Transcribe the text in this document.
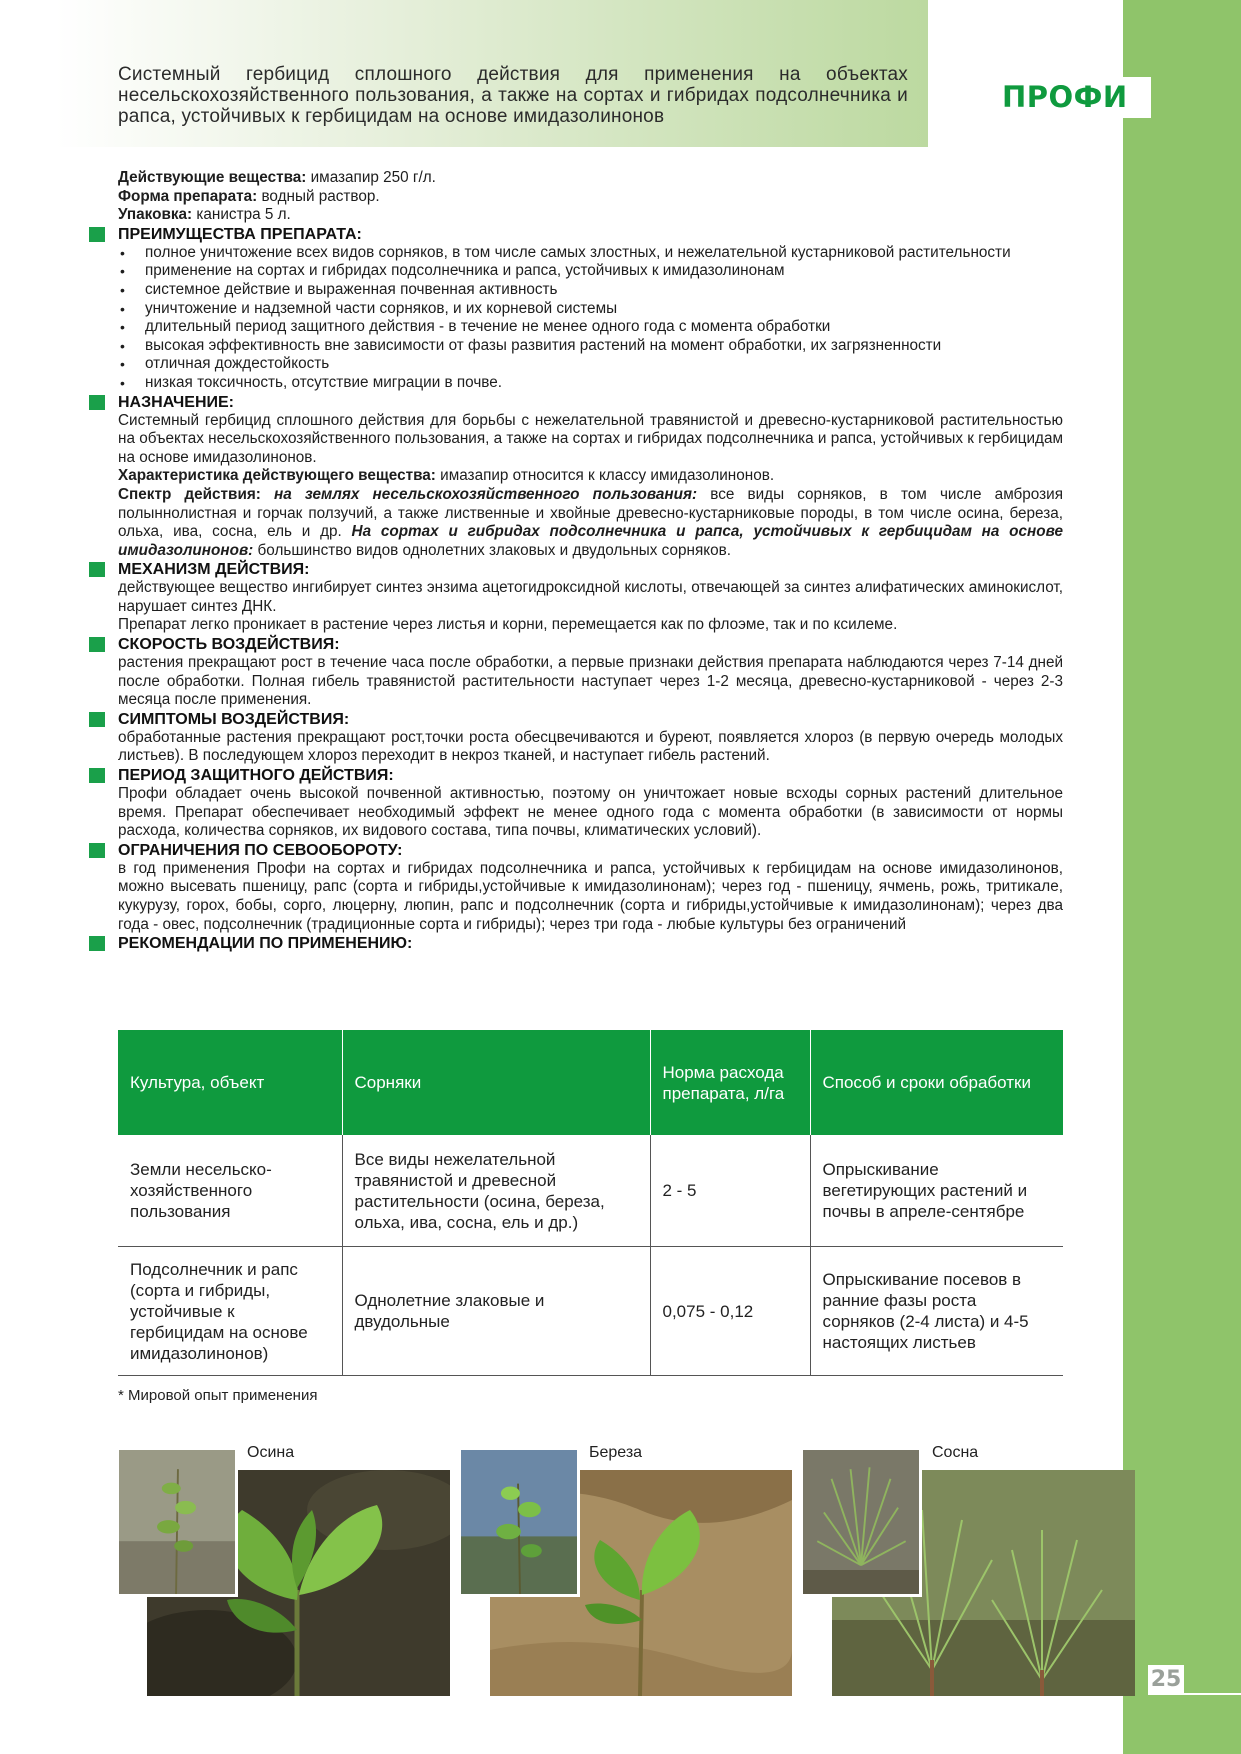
Системный гербицид сплошного действия для применения на объектах несельскохозяйственного пользования, а также на сортах и гибридах подсолнечника и рапса, устойчивых к гербицидам на основе имидазолинонов
ПРОФИ

Действующие вещества: имазапир 250 г/л.

Форма препарата: водный раствор.

Упаковка: канистра 5 л.

ПРЕИМУЩЕСТВА ПРЕПАРАТА:
• полное уничтожение всех видов сорняков, в том числе самых злостных, и нежелательной кустарниковой растительности
• применение на сортах и гибридах подсолнечника и рапса, устойчивых к имидазолинонам
• системное действие и выраженная почвенная активность
• уничтожение и надземной части сорняков, и их корневой системы
• длительный период защитного действия - в течение не менее одного года с момента обработки
• высокая эффективность вне зависимости от фазы развития растений на момент обработки, их загрязненности
• отличная дождестойкость
• низкая токсичность, отсутствие миграции в почве.
НАЗНАЧЕНИЕ:

Системный гербицид сплошного действия для борьбы с нежелательной травянистой и древесно-кустарниковой растительностью на объектах несельскохозяйственного пользования, а также на сортах и гибридах подсолнечника и рапса, устойчивых к гербицидам на основе имидазолинонов.

Характеристика действующего вещества: имазапир относится к классу имидазолинонов.

Спектр действия: на землях несельскохозяйственного пользования: все виды сорняков, в том числе амброзия полыннолистная и горчак ползучий, а также лиственные и хвойные древесно-кустарниковые породы, в том числе осина, береза, ольха, ива, сосна, ель и др. На сортах и гибридах подсолнечника и рапса, устойчивых к гербицидам на основе имидазолинонов: большинство видов однолетних злаковых и двудольных сорняков.

МЕХАНИЗМ ДЕЙСТВИЯ:

действующее вещество ингибирует синтез энзима ацетогидроксидной кислоты, отвечающей за синтез алифатических аминокислот, нарушает синтез ДНК.

Препарат легко проникает в растение через листья и корни, перемещается как по флоэме, так и по ксилеме.

СКОРОСТЬ ВОЗДЕЙСТВИЯ:

растения прекращают рост в течение часа после обработки, а первые признаки действия препарата наблюдаются через 7-14 дней после обработки. Полная гибель травянистой растительности наступает через 1-2 месяца, древесно-кустарниковой - через 2-3 месяца после применения.

СИМПТОМЫ ВОЗДЕЙСТВИЯ:

обработанные растения прекращают рост,точки роста обесцвечиваются и буреют, появляется хлороз (в первую очередь молодых листьев). В последующем хлороз переходит в некроз тканей, и наступает гибель растений.

ПЕРИОД ЗАЩИТНОГО ДЕЙСТВИЯ:

Профи обладает очень высокой почвенной активностью, поэтому он уничтожает новые всходы сорных растений длительное время. Препарат обеспечивает необходимый эффект не менее одного года с момента обработки (в зависимости от нормы расхода, количества сорняков, их видового состава, типа почвы, климатических условий).

ОГРАНИЧЕНИЯ ПО СЕВООБОРОТУ:

в год применения Профи на сортах и гибридах подсолнечника и рапса, устойчивых к гербицидам на основе имидазолинонов, можно высевать пшеницу, рапс (сорта и гибриды,устойчивые к имидазолинонам); через год - пшеницу, ячмень, рожь, тритикале, кукурузу, горох, бобы, сорго, люцерну, люпин, рапс и подсолнечник (сорта и гибриды,устойчивые к имидазолинонам); через два года - овес, подсолнечник (традиционные сорта и гибриды); через три года - любые культуры без ограничений

РЕКОМЕНДАЦИИ ПО ПРИМЕНЕНИЮ:
Культура, объект	Сорняки	Норма расхода препарата, л/га	Способ и сроки обработки
Земли несельско-хозяйственного пользования	Все виды нежелательной травянистой и древесной растительности (осина, береза, ольха, ива, сосна, ель и др.)	2 - 5	Опрыскивание вегетирующих растений и почвы в апреле-сентябре
Подсолнечник и рапс (сорта и гибриды, устойчивые к гербицидам на основе имидазолинонов)	Однолетние злаковые и двудольные	0,075 - 0,12	Опрыскивание посевов в ранние фазы роста сорняков (2-4 листа) и 4-5 настоящих листьев
* Мировой опыт применения
Осина	Береза	Сосна
25
